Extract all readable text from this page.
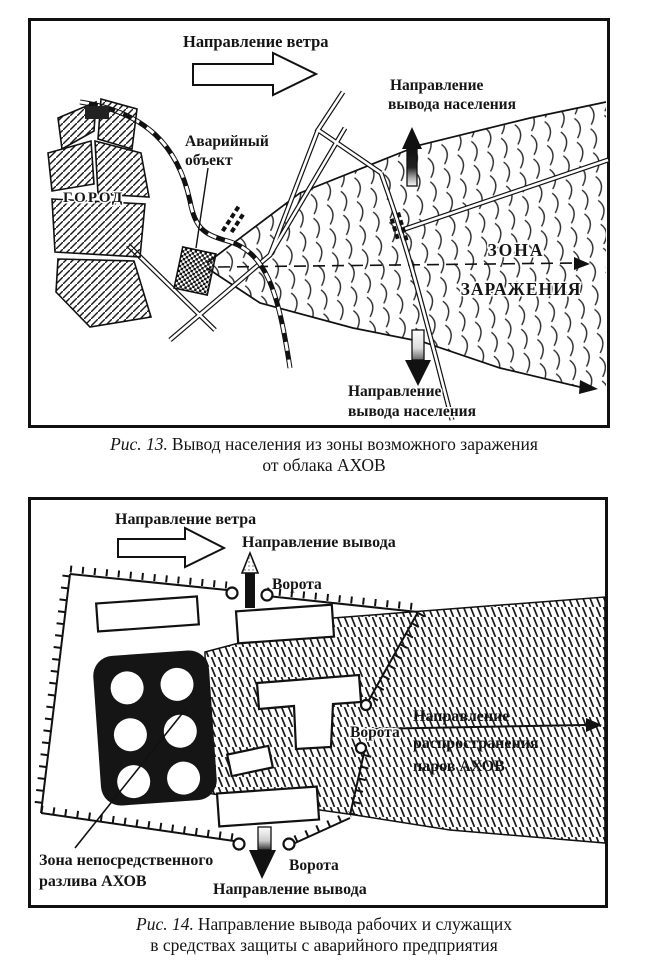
ГОРОД
Аварийный
объект
Направление ветра
Направление
вывода населения
Направление
вывода населения
ЗОНА
ЗАРАЖЕНИЯ
Рис. 13. Вывод населения из зоны возможного заражения
от облака АХОВ
Направление ветра
Направление вывода
Ворота
Ворота
Направление
распространения
паров АХОВ
Ворота
Направление вывода
Зона непосредственного
разлива АХОВ
Рис. 14. Направление вывода рабочих и служащих
в средствах защиты с аварийного предприятия
